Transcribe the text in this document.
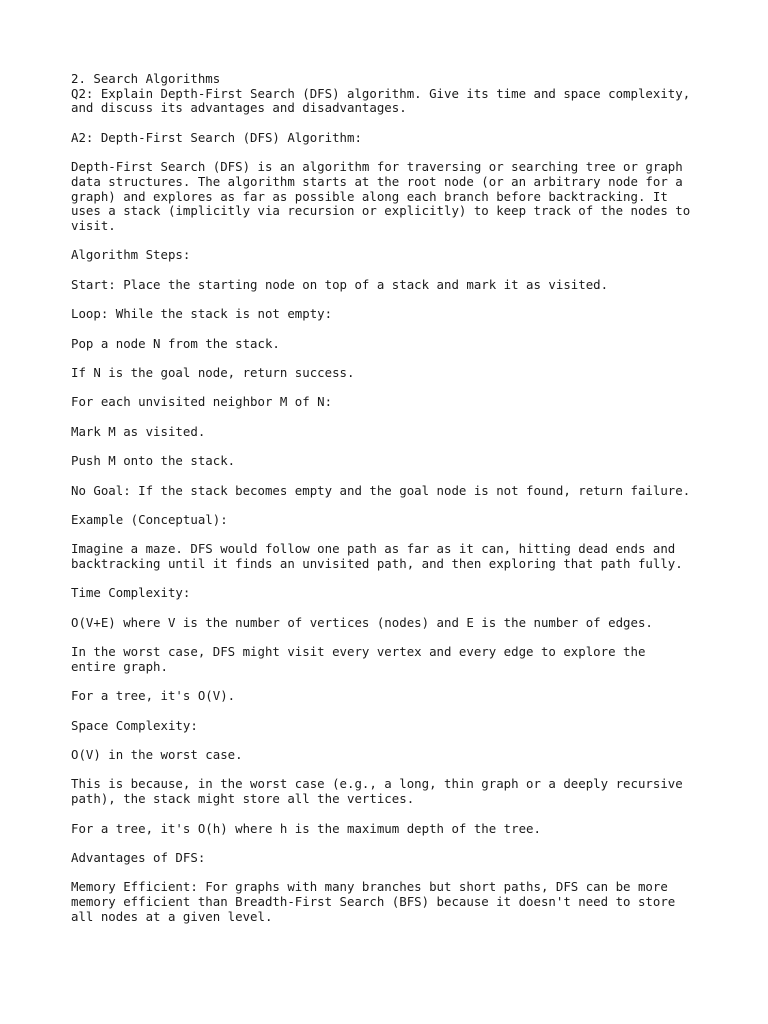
2. Search Algorithms
Q2: Explain Depth-First Search (DFS) algorithm. Give its time and space complexity,
and discuss its advantages and disadvantages.
A2: Depth-First Search (DFS) Algorithm:
Depth-First Search (DFS) is an algorithm for traversing or searching tree or graph
data structures. The algorithm starts at the root node (or an arbitrary node for a
graph) and explores as far as possible along each branch before backtracking. It
uses a stack (implicitly via recursion or explicitly) to keep track of the nodes to
visit.
Algorithm Steps:
Start: Place the starting node on top of a stack and mark it as visited.
Loop: While the stack is not empty:
Pop a node N from the stack.
If N is the goal node, return success.
For each unvisited neighbor M of N:
Mark M as visited.
Push M onto the stack.
No Goal: If the stack becomes empty and the goal node is not found, return failure.
Example (Conceptual):
Imagine a maze. DFS would follow one path as far as it can, hitting dead ends and
backtracking until it finds an unvisited path, and then exploring that path fully.
Time Complexity:
O(V+E) where V is the number of vertices (nodes) and E is the number of edges.
In the worst case, DFS might visit every vertex and every edge to explore the
entire graph.
For a tree, it's O(V).
Space Complexity:
O(V) in the worst case.
This is because, in the worst case (e.g., a long, thin graph or a deeply recursive
path), the stack might store all the vertices.
For a tree, it's O(h) where h is the maximum depth of the tree.
Advantages of DFS:
Memory Efficient: For graphs with many branches but short paths, DFS can be more
memory efficient than Breadth-First Search (BFS) because it doesn't need to store
all nodes at a given level.
